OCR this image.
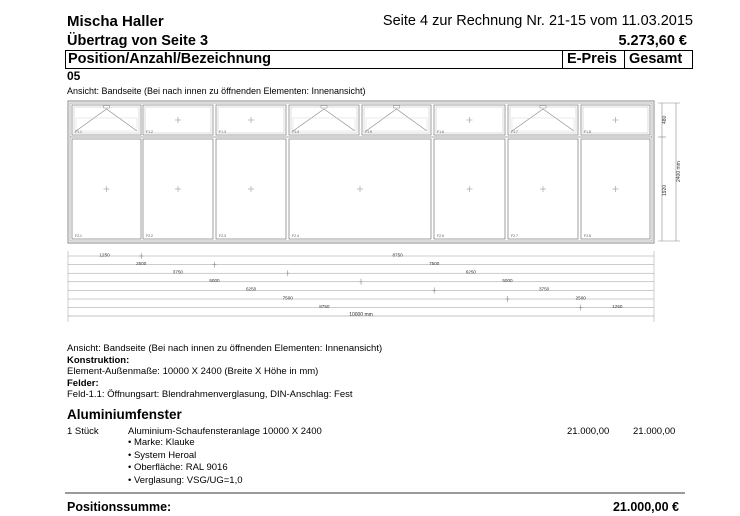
Mischa Haller	Seite 4 zur Rechnung Nr. 21-15 vom 11.03.2015
Übertrag von Seite 3	5.273,60 €
Position/Anzahl/Bezeichnung	E-Preis Gesamt
05
Ansicht: Bandseite (Bei nach innen zu öffnenden Elementen: Innenansicht)
F1.1	F1.2	F1.3	F1.4	F1.5	F1.6	F1.7	F1.8
F2.1	F2.2	F2.3	F2.4	F2.5	F2.7	F2.8
1250	8750
2500	7500
3750	6250
5000	5000
6250	3750
7500	2500
8750	1250
480
1920
2400 mm
10000 mm
Ansicht: Bandseite (Bei nach innen zu öffnenden Elementen: Innenansicht)
Konstruktion:
Element-Außenmaße: 10000 X 2400 (Breite X Höhe in mm)
Felder:
Feld-1.1: Öffnungsart: Blendrahmenverglasung, DIN-Anschlag: Fest
Aluminiumfenster
1 Stück	Aluminium-Schaufensteranlage 10000 X 2400	21.000,00 21.000,00
• Marke: Klauke
• System Heroal
• Oberfläche: RAL 9016
• Verglasung: VSG/UG=1,0
Positionssumme:	21.000,00 €
